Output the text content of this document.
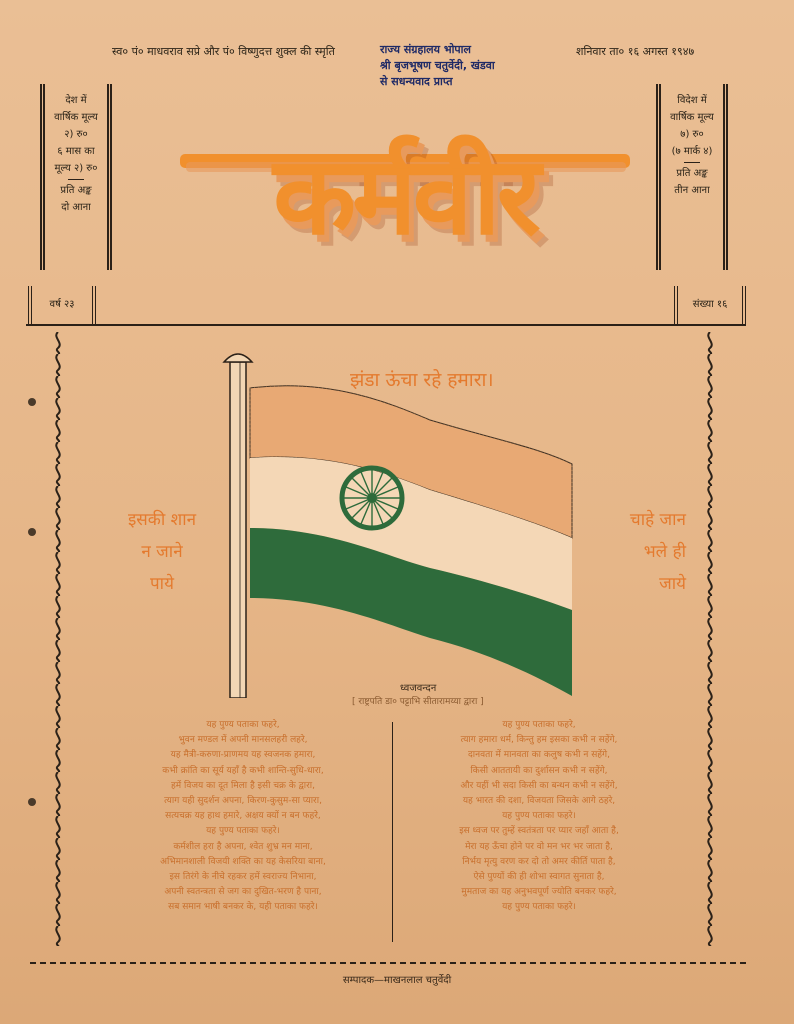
स्व० पं० माधवराव सप्रे और पं० विष्णुदत्त शुक्ल की स्मृति	राज्य संग्रहालय भोपाल
श्री बृजभूषण चतुर्वेदी, खंडवा
से सधन्यवाद प्राप्त
शनिवार ता० १६ अगस्त १९४७
देश में
वार्षिक मूल्य
२) रु०
६ मास का
मूल्य २) रु०
प्रति अङ्क
दो आना
विदेश में
वार्षिक मूल्य
७) रु०
(७ मार्क ४)
प्रति अङ्क
तीन आना
कर्मवीर
वर्ष २३	संख्या १६
झंडा ऊंचा रहे हमारा।
इसकी शान
न जाने
पाये
चाहे जान
भले ही
जाये
ध्वजवन्दन
[ राष्ट्रपति डा० पट्टाभि सीतारामय्या द्वारा ]
यह पुण्य पताका फहरे,
भुवन मण्डल में अपनी मानसलहरी लहरे,
यह मैत्री-करुणा-प्राणमय यह स्वजनक हमारा,
कभी क्रांति का सूर्य यहाँ है कभी शान्ति-सुधि-धारा,
हमें विजय का दूत मिला है इसी चक्र के द्वारा,
त्याग यही सुदर्शन अपना, किरण-कुसुम-सा प्यारा,
सत्यचक्र यह हाथ हमारे, अक्षय क्यों न बन फहरे,
यह पुण्य पताका फहरे।
कर्मशील हरा है अपना, श्वेत शुभ्र मन माना,
अभिमानशाली विजयी शक्ति का यह केसरिया बाना,
इस तिरंगे के नीचे रहकर हमें स्वराज्य निभाना,
अपनी स्वतन्त्रता से जग का दुखित-भरण है पाना,
सब समान भाषी बनकर के, यही पताका फहरे।
यह पुण्य पताका फहरे,
त्याग हमारा धर्म, किन्तु हम इसका कभी न सहेंगे,
दानवता में मानवता का कलुष कभी न सहेंगे,
किसी आततायी का दुर्शासन कभी न सहेंगे,
और यहीं भी सदा किसी का बन्धन कभी न सहेंगे,
यह भारत की दशा, विजयता जिसके आगे ठहरे,
यह पुण्य पताका फहरे।
इस ध्वज पर तुम्हें स्वतंत्रता पर प्यार जहाँ आता है,
मेरा यह ऊँचा होने पर वो मन भर भर जाता है,
निर्भय मृत्यु वरण कर दो तो अमर कीर्ति पाता है,
ऐसे पुण्यों की ही शोभा स्वागत सुनाता है,
मुमताज का यह अनुभवपूर्ण ज्योति बनकर फहरे,
यह पुण्य पताका फहरे।
सम्पादक—माखनलाल चतुर्वेदी
